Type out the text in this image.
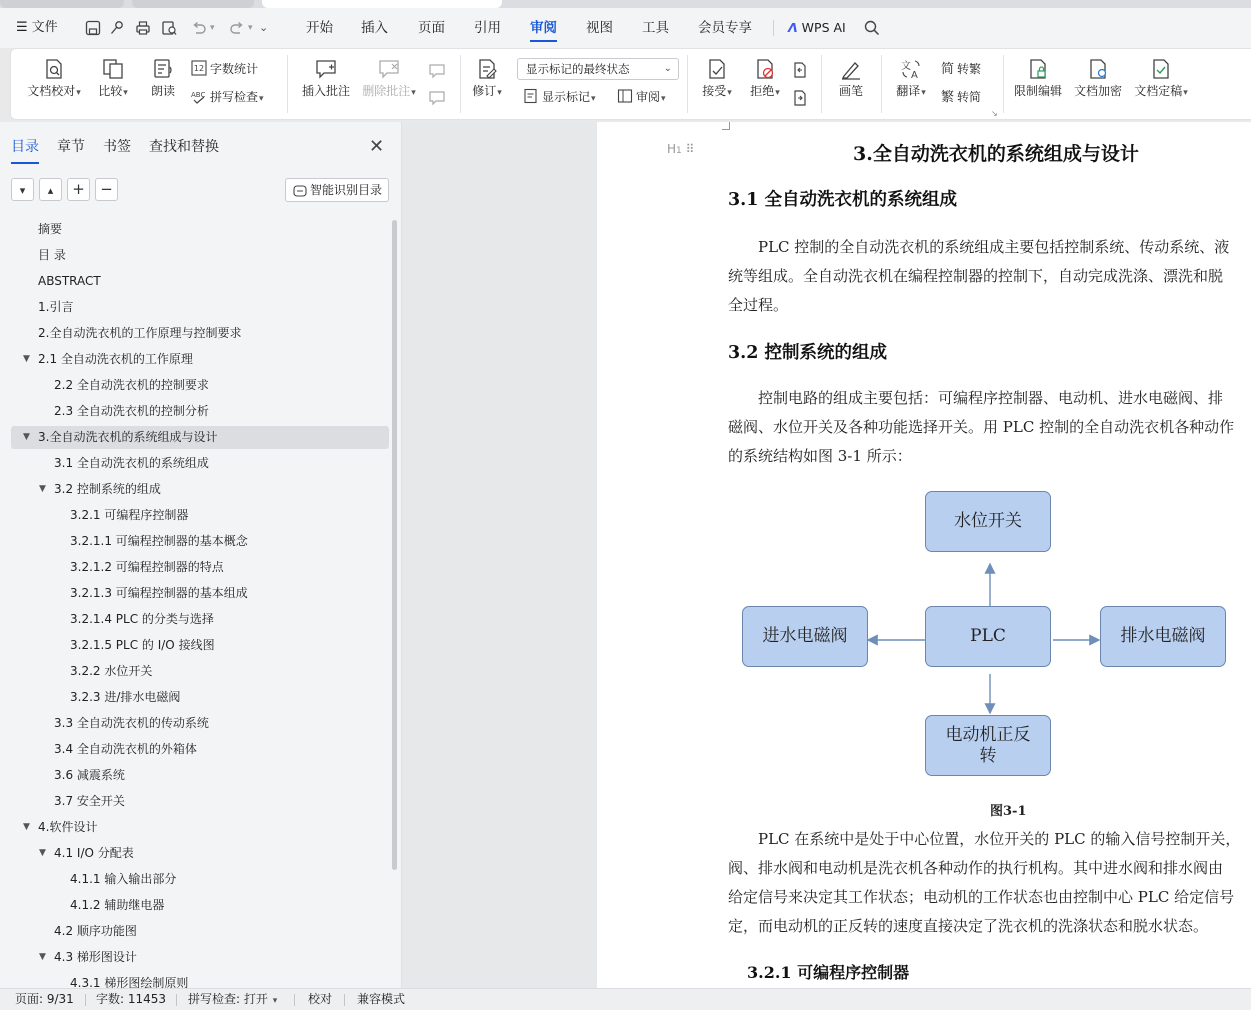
☰ 文件	▾	▾ ⌄	开始 插入 页面 引用 审阅 视图 工具 会员专享	Λ WPS AI
文档校对▾	比较▾	朗读
12 字数统计
ABC 拼写检查▾
插入批注	删除批注▾	修订▾
显示标记的最终状态	⌄
显示标记▾	审阅▾
接受▾	拒绝▾	画笔
文
A
翻译▾
简 转繁
繁 转简
↘
限制编辑 文档加密	文档定稿▾
目录 章节 书签 查找和替换	✕
▾	▴	+	−	智能识别目录
摘要
目 录
ABSTRACT
1.引言
2.全自动洗衣机的工作原理与控制要求
▼ 2.1 全自动洗衣机的工作原理
2.2 全自动洗衣机的控制要求
2.3 全自动洗衣机的控制分析
▼ 3.全自动洗衣机的系统组成与设计
3.1 全自动洗衣机的系统组成
▼ 3.2 控制系统的组成
3.2.1 可编程序控制器
3.2.1.1 可编程控制器的基本概念
3.2.1.2 可编程控制器的特点
3.2.1.3 可编程控制器的基本组成
3.2.1.4 PLC 的分类与选择
3.2.1.5 PLC 的 I/O 接线图
3.2.2 水位开关
3.2.3 进/排水电磁阀
3.3 全自动洗衣机的传动系统
3.4 全自动洗衣机的外箱体
3.6 减震系统
3.7 安全开关
▼ 4.软件设计
▼ 4.1 I/O 分配表
4.1.1 输入输出部分
4.1.2 辅助继电器
4.2 顺序功能图
▼ 4.3 梯形图设计
4.3.1 梯形图绘制原则
H1 ⠿	3.全自动洗衣机的系统组成与设计
3.1 全自动洗衣机的系统组成
PLC 控制的全自动洗衣机的系统组成主要包括控制系统、传动系统、液
统等组成。全自动洗衣机在编程控制器的控制下，自动完成洗涤、漂洗和脱
全过程。
3.2 控制系统的组成
控制电路的组成主要包括：可编程序控制器、电动机、进水电磁阀、排
磁阀、水位开关及各种功能选择开关。用 PLC 控制的全自动洗衣机各种动作
的系统结构如图 3-1 所示：
水位开关
PLC
进水电磁阀	排水电磁阀
电动机正反
转
图3-1
PLC 在系统中是处于中心位置，水位开关的 PLC 的输入信号控制开关，
阀、排水阀和电动机是洗衣机各种动作的执行机构。其中进水阀和排水阀由
给定信号来决定其工作状态；电动机的工作状态也由控制中心 PLC 给定信号
定，而电动机的正反转的速度直接决定了洗衣机的洗涤状态和脱水状态。
3.2.1 可编程序控制器
页面: 9/31 字数: 11453 拼写检查: 打开 ▾	校对 兼容模式
